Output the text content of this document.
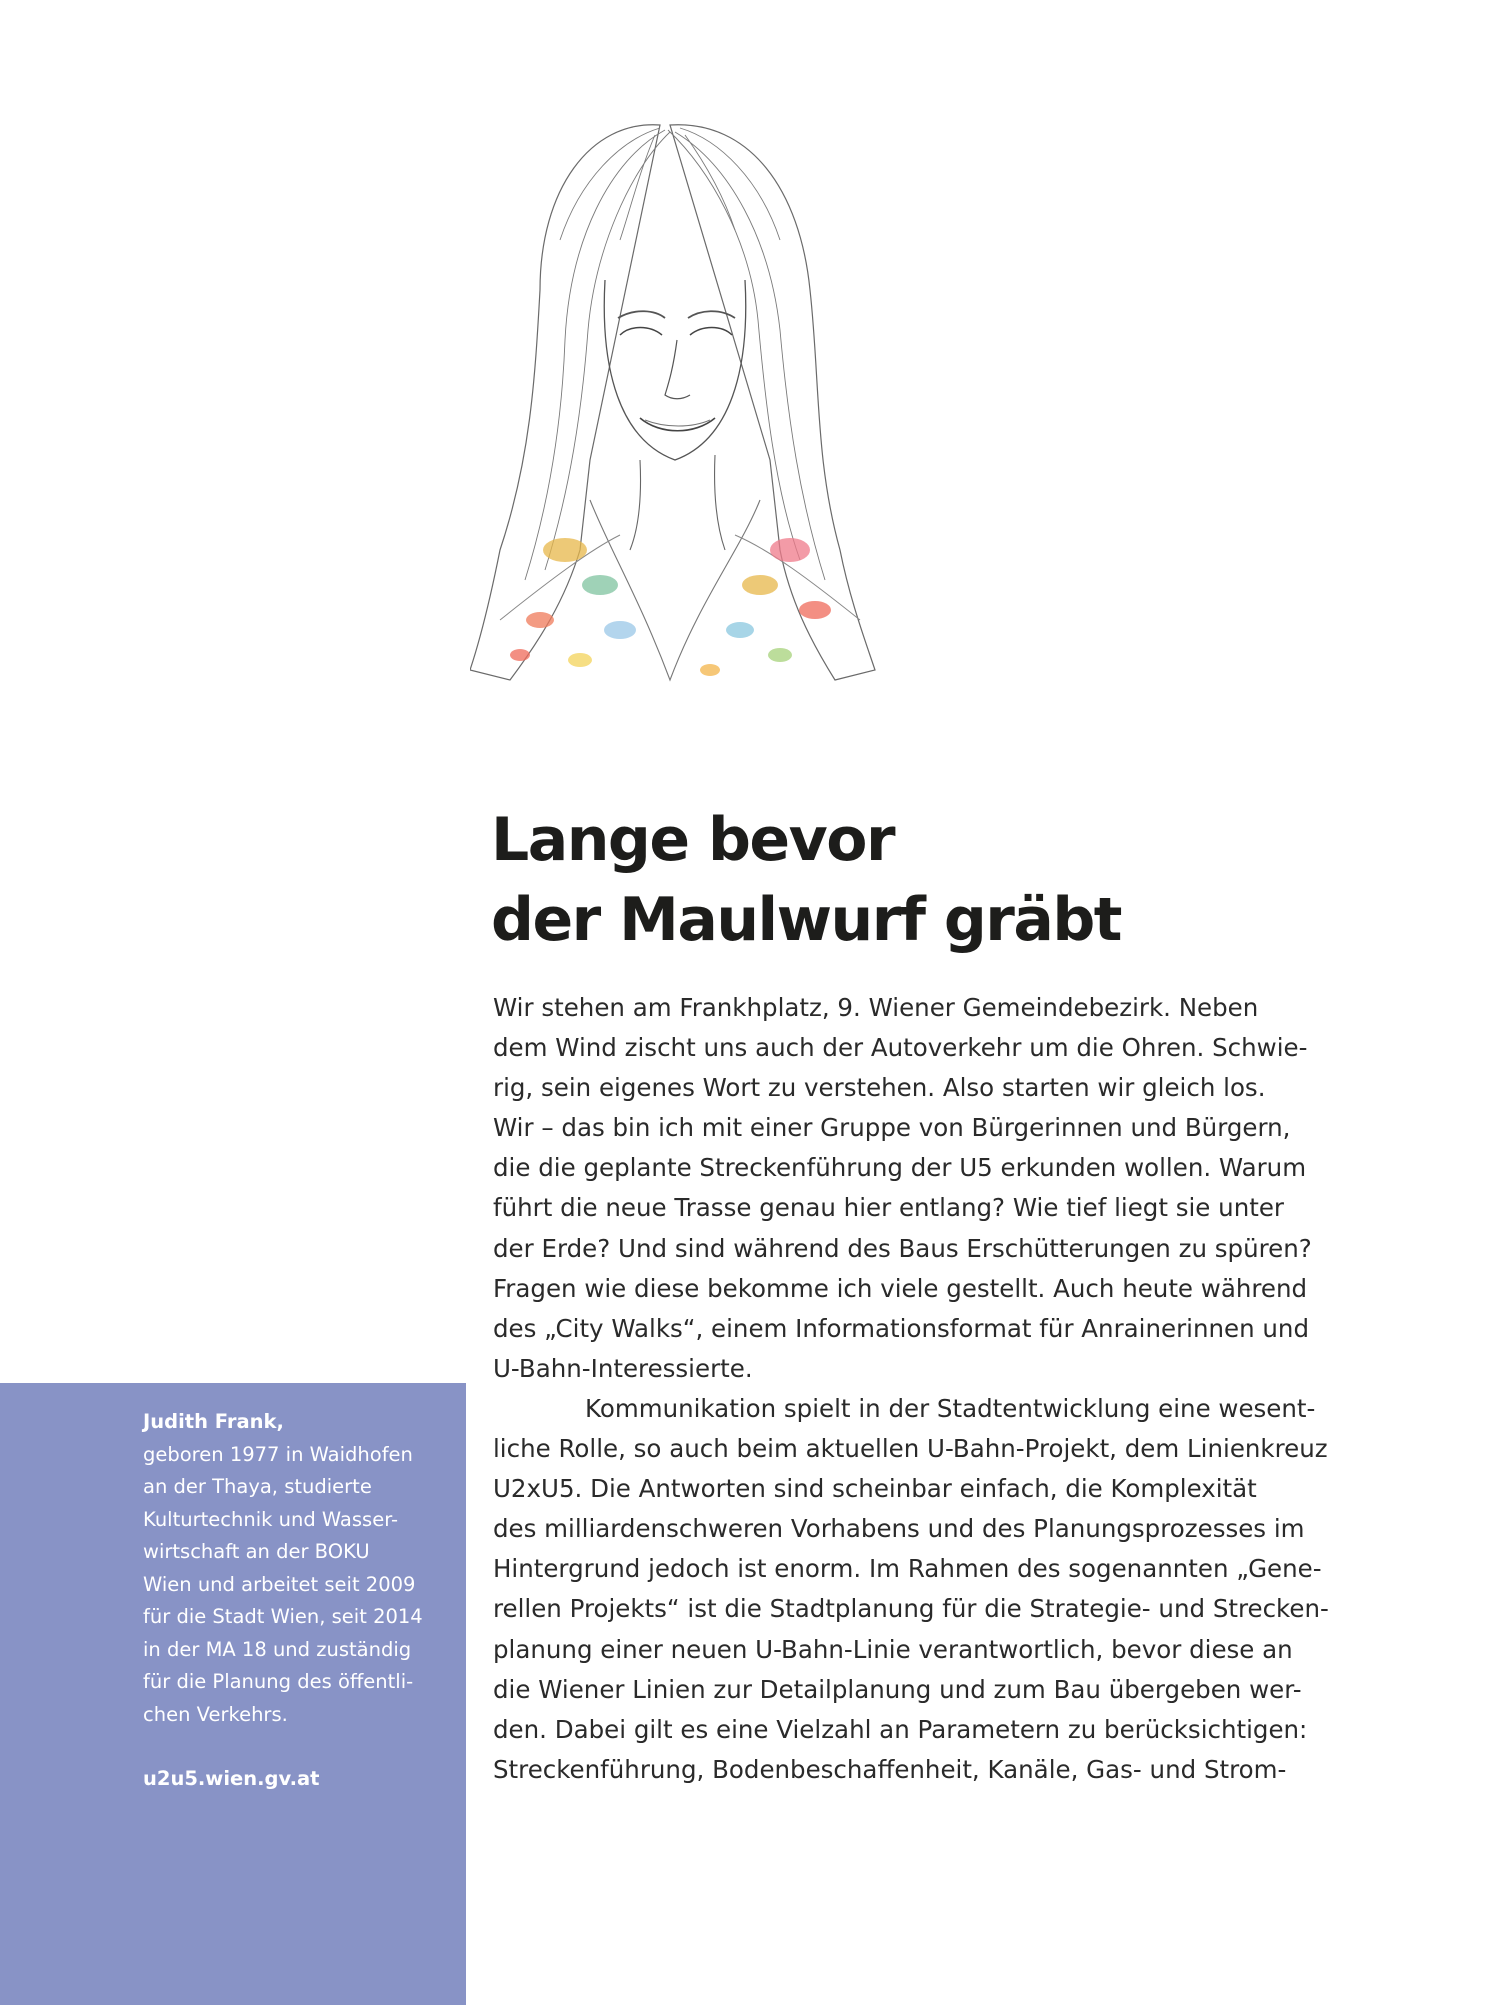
Lange bevor
der Maulwurf gräbt
Wir stehen am Frankhplatz, 9. Wiener Gemeindebezirk. Neben
dem Wind zischt uns auch der Autoverkehr um die Ohren. Schwie-
rig, sein eigenes Wort zu verstehen. Also starten wir gleich los.
Wir – das bin ich mit einer Gruppe von Bürgerinnen und Bürgern,
die die geplante Streckenführung der U5 erkunden wollen. Warum
führt die neue Trasse genau hier entlang? Wie tief liegt sie unter
der Erde? Und sind während des Baus Erschütterungen zu spüren?
Fragen wie diese bekomme ich viele gestellt. Auch heute während
des „City Walks“, einem Informationsformat für Anrainerinnen und
U-Bahn-Interessierte.
Kommunikation spielt in der Stadtentwicklung eine wesent-
liche Rolle, so auch beim aktuellen U-Bahn-Projekt, dem Linienkreuz
U2xU5. Die Antworten sind scheinbar einfach, die Komplexität
des milliardenschweren Vorhabens und des Planungsprozesses im
Hintergrund jedoch ist enorm. Im Rahmen des sogenannten „Gene-
rellen Projekts“ ist die Stadtplanung für die Strategie- und Strecken-
planung einer neuen U-Bahn-Linie verantwortlich, bevor diese an
die Wiener Linien zur Detailplanung und zum Bau übergeben wer-
den. Dabei gilt es eine Vielzahl an Parametern zu berücksichtigen:
Streckenführung, Bodenbeschaffenheit, Kanäle, Gas- und Strom-
Judith Frank,
geboren 1977 in Waidhofen
an der Thaya, studierte
Kulturtechnik und Wasser-
wirtschaft an der BOKU
Wien und arbeitet seit 2009
für die Stadt Wien, seit 2014
in der MA 18 und zuständig
für die Planung des öffentli-
chen Verkehrs.
u2u5.wien.gv.at
